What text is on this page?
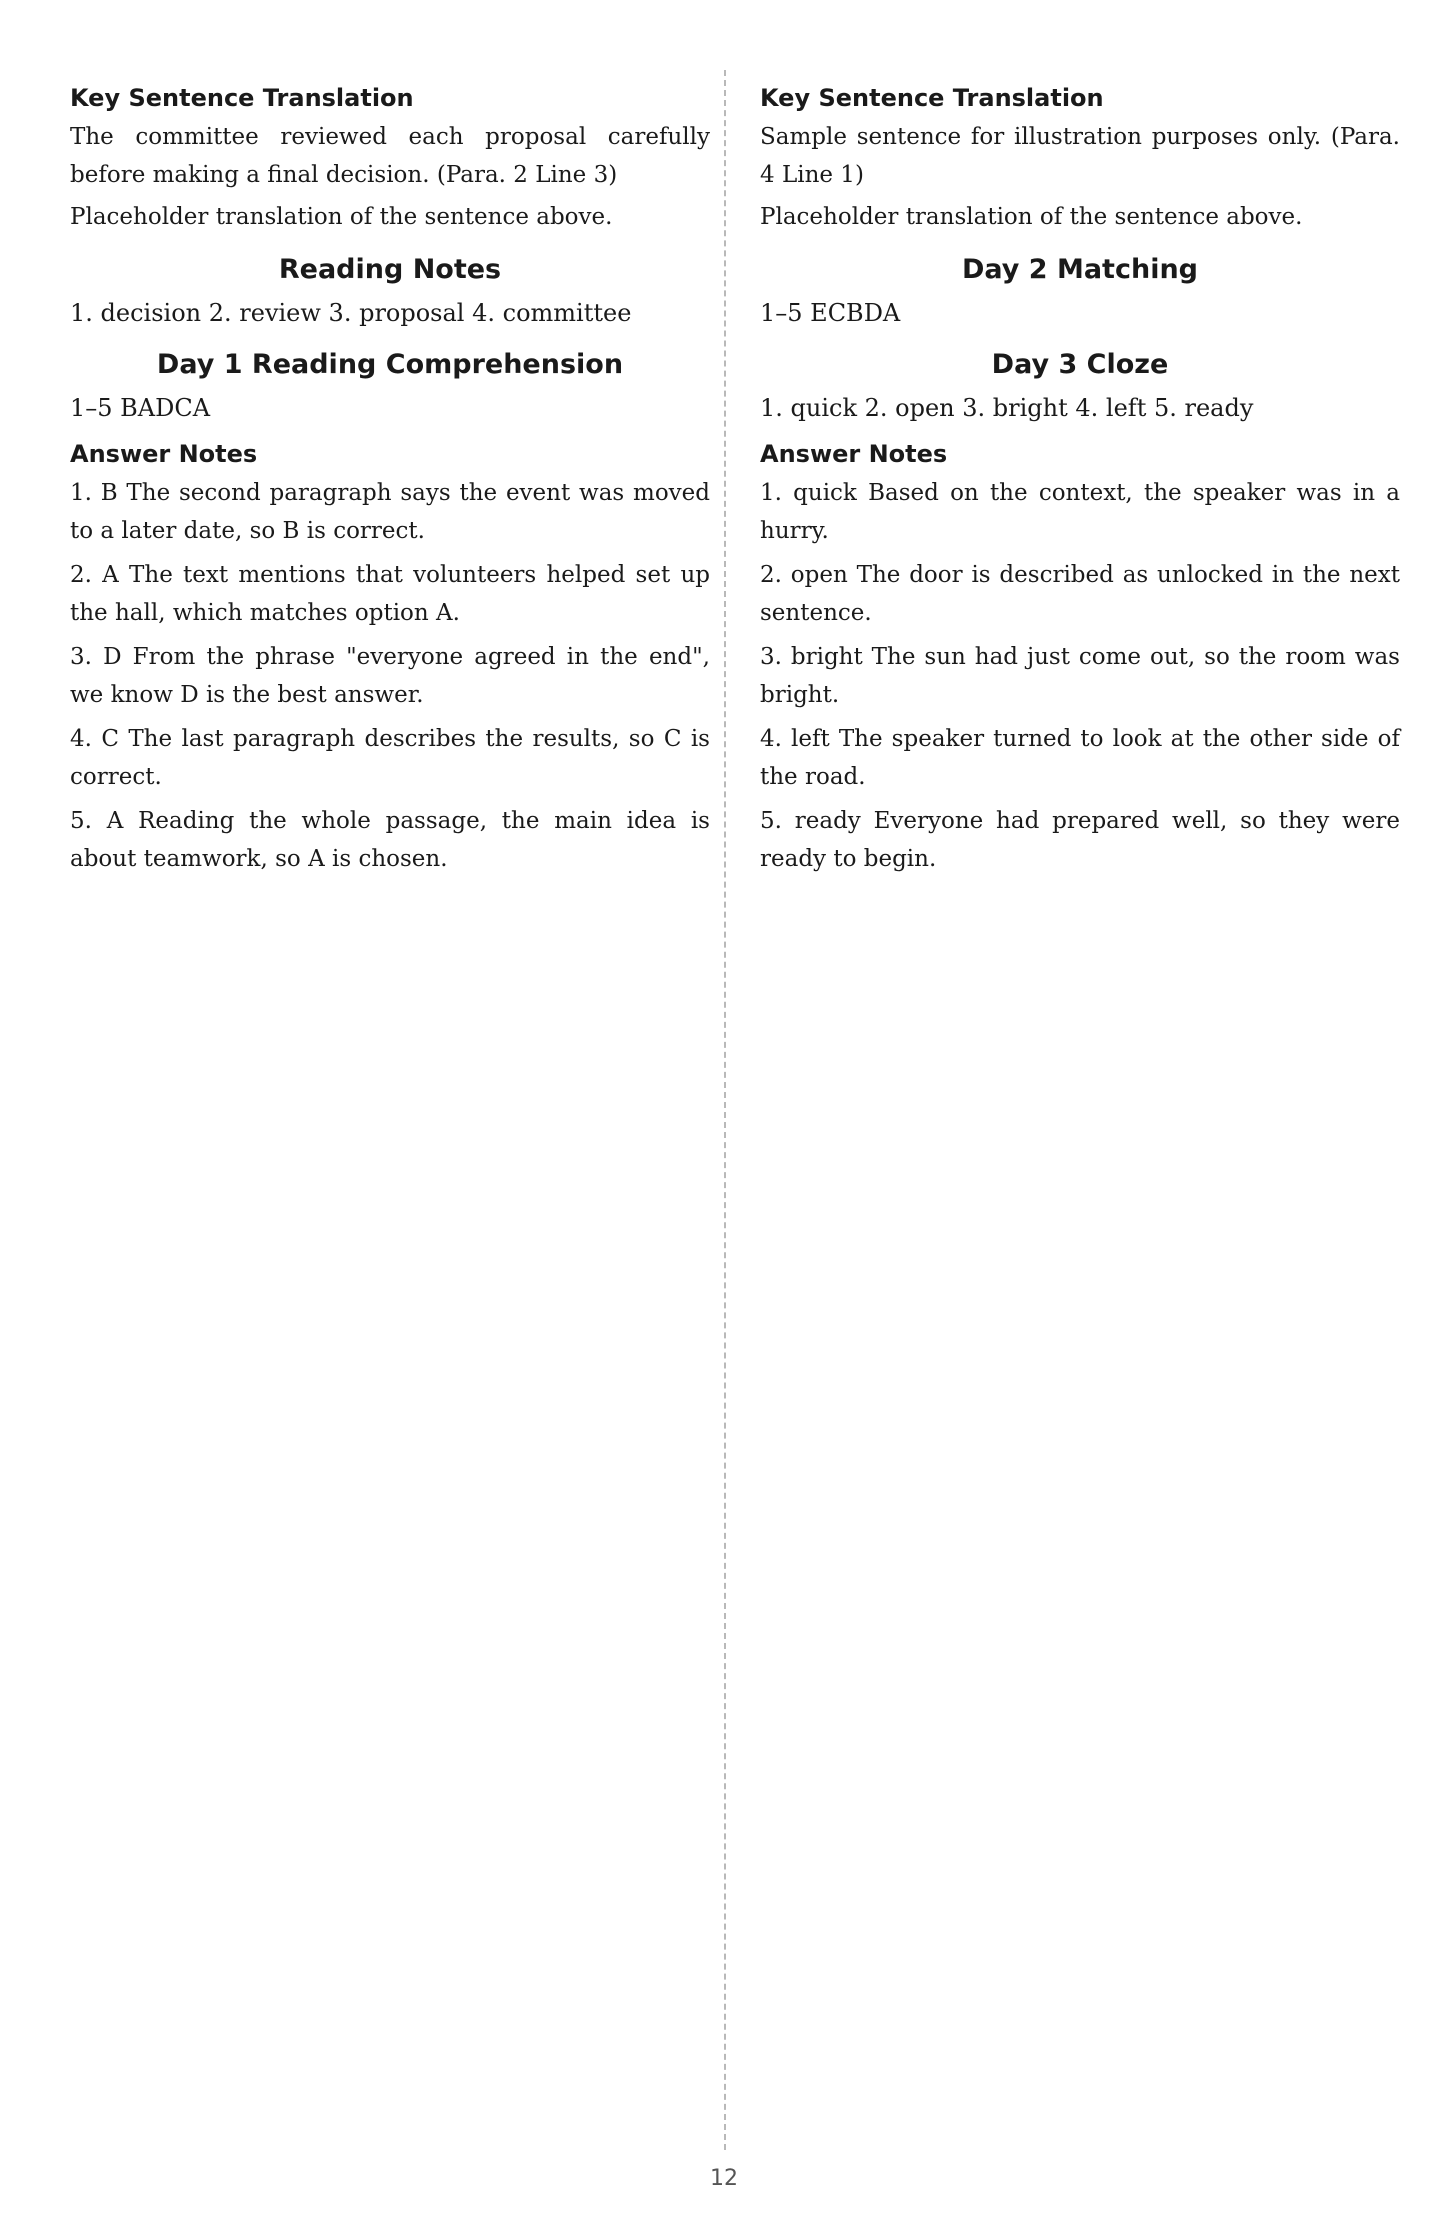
Key Sentence Translation
The committee reviewed each proposal carefully before making a final decision. (Para. 2 Line 3)
Placeholder translation of the sentence above.
Reading Notes
1. decision 2. review 3. proposal 4. committee
Day 1 Reading Comprehension
1–5 BADCA
Answer Notes
1. B The second paragraph says the event was moved to a later date, so B is correct.
2. A The text mentions that volunteers helped set up the hall, which matches option A.
3. D From the phrase "everyone agreed in the end", we know D is the best answer.
4. C The last paragraph describes the results, so C is correct.
5. A Reading the whole passage, the main idea is about teamwork, so A is chosen.
Key Sentence Translation
Sample sentence for illustration purposes only. (Para. 4 Line 1)
Placeholder translation of the sentence above.
Day 2 Matching
1–5 ECBDA
Day 3 Cloze
1. quick 2. open 3. bright 4. left 5. ready
Answer Notes
1. quick Based on the context, the speaker was in a hurry.
2. open The door is described as unlocked in the next sentence.
3. bright The sun had just come out, so the room was bright.
4. left The speaker turned to look at the other side of the road.
5. ready Everyone had prepared well, so they were ready to begin.
12
